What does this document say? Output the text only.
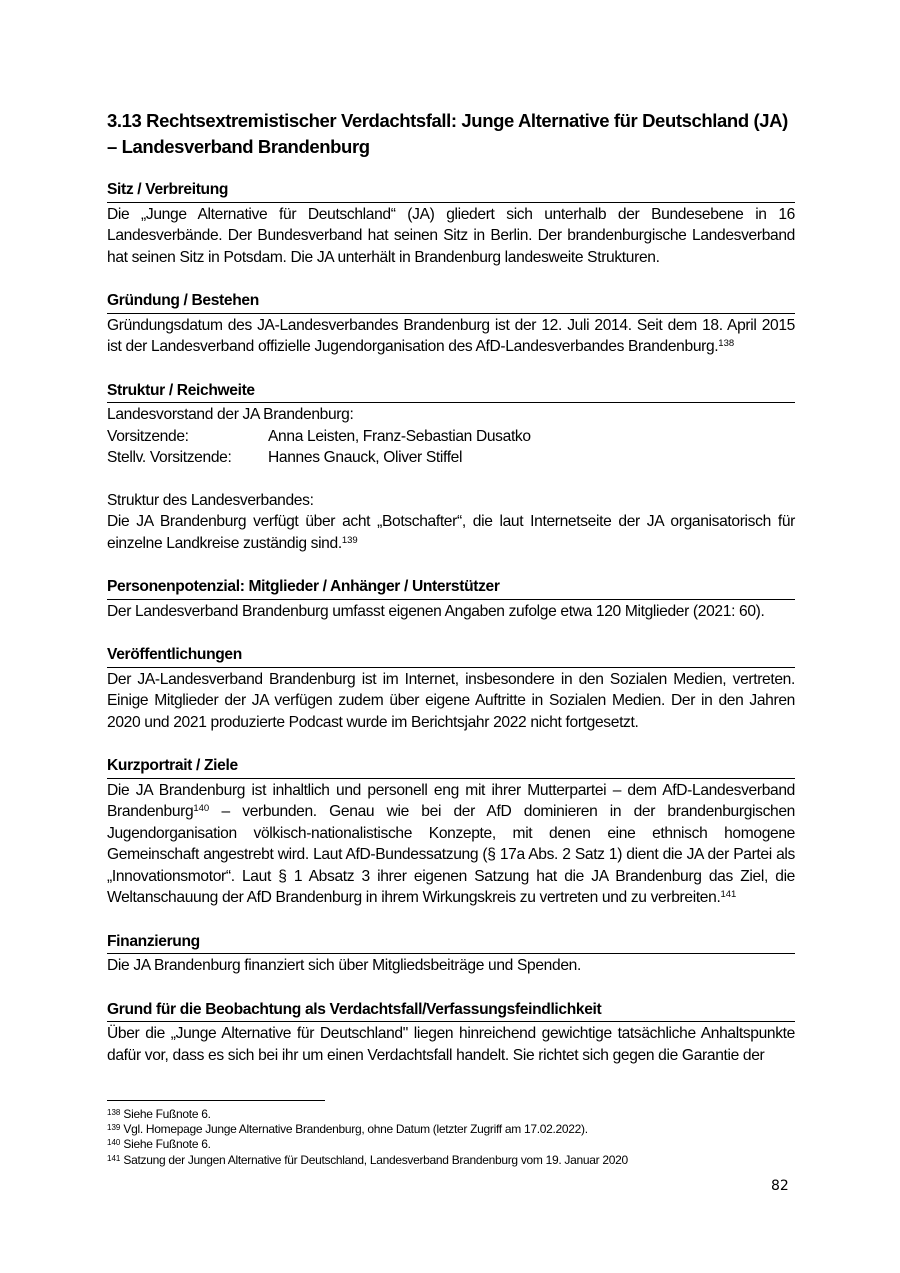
3.13 Rechtsextremistischer Verdachtsfall: Junge Alternative für Deutschland (JA) – Landesverband Brandenburg
Sitz / Verbreitung

Die „Junge Alternative für Deutschland“ (JA) gliedert sich unterhalb der Bundesebene in 16 Landesverbände. Der Bundesverband hat seinen Sitz in Berlin. Der brandenburgische Landesverband hat seinen Sitz in Potsdam. Die JA unterhält in Brandenburg landesweite Strukturen.

Gründung / Bestehen

Gründungsdatum des JA-Landesverbandes Brandenburg ist der 12. Juli 2014. Seit dem 18. April 2015 ist der Landesverband offizielle Jugendorganisation des AfD-Landesverbandes Brandenburg.$^{138}$

Struktur / Reichweite
Landesvorstand der JA Brandenburg:
Vorsitzende:	Anna Leisten, Franz-Sebastian Dusatko
Stellv. Vorsitzende:	Hannes Gnauck, Oliver Stiffel
Struktur des Landesverbandes:

Die JA Brandenburg verfügt über acht „Botschafter“, die laut Internetseite der JA organisatorisch für einzelne Landkreise zuständig sind.$^{139}$

Personenpotenzial: Mitglieder / Anhänger / Unterstützer

Der Landesverband Brandenburg umfasst eigenen Angaben zufolge etwa 120 Mitglieder (2021: 60).

Veröffentlichungen

Der JA-Landesverband Brandenburg ist im Internet, insbesondere in den Sozialen Medien, vertreten. Einige Mitglieder der JA verfügen zudem über eigene Auftritte in Sozialen Medien. Der in den Jahren 2020 und 2021 produzierte Podcast wurde im Berichtsjahr 2022 nicht fortgesetzt.

Kurzportrait / Ziele

Die JA Brandenburg ist inhaltlich und personell eng mit ihrer Mutterpartei – dem AfD-Landesverband Brandenburg$^{140}$ – verbunden. Genau wie bei der AfD dominieren in der brandenburgischen Jugendorganisation völkisch-nationalistische Konzepte, mit denen eine ethnisch homogene Gemeinschaft angestrebt wird. Laut AfD-Bundessatzung (§ 17a Abs. 2 Satz 1) dient die JA der Partei als „Innovationsmotor“. Laut § 1 Absatz 3 ihrer eigenen Satzung hat die JA Brandenburg das Ziel, die Weltanschauung der AfD Brandenburg in ihrem Wirkungskreis zu vertreten und zu verbreiten.$^{141}$

Finanzierung

Die JA Brandenburg finanziert sich über Mitgliedsbeiträge und Spenden.

Grund für die Beobachtung als Verdachtsfall/Verfassungsfeindlichkeit

Über die „Junge Alternative für Deutschland" liegen hinreichend gewichtige tatsächliche Anhaltspunkte dafür vor, dass es sich bei ihr um einen Verdachtsfall handelt. Sie richtet sich gegen die Garantie der

$^{138}$ Siehe Fußnote 6.
$^{139}$ Vgl. Homepage Junge Alternative Brandenburg, ohne Datum (letzter Zugriff am 17.02.2022).
$^{140}$ Siehe Fußnote 6.
$^{141}$ Satzung der Jungen Alternative für Deutschland, Landesverband Brandenburg vom 19. Januar 2020
82
